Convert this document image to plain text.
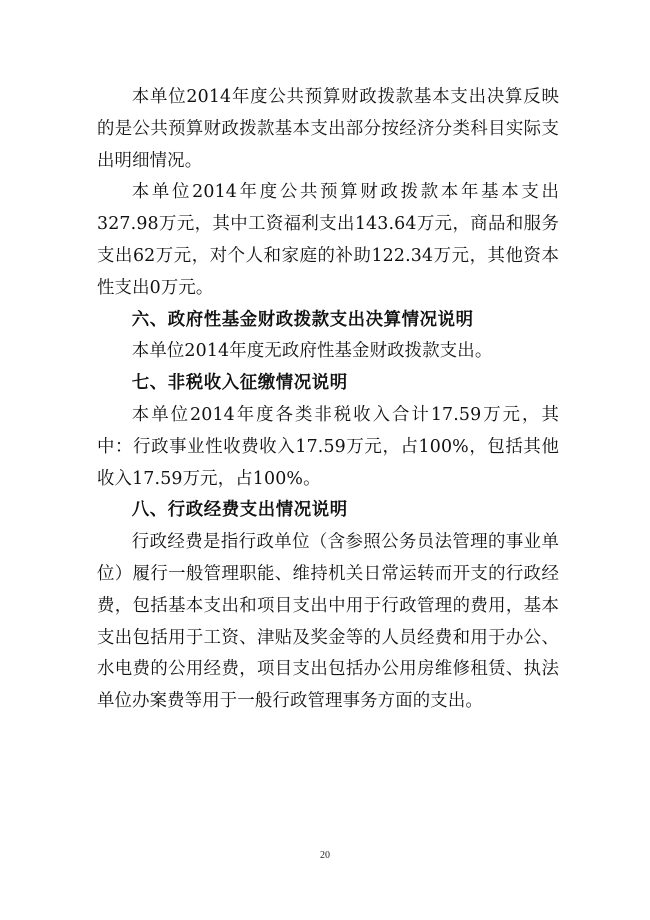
本单位2014年度公共预算财政拨款基本支出决算反映的是公共预算财政拨款基本支出部分按经济分类科目实际支出明细情况。

本单位2014年度公共预算财政拨款本年基本支出327.98万元，其中工资福利支出143.64万元，商品和服务支出62万元，对个人和家庭的补助122.34万元，其他资本性支出0万元。

六、政府性基金财政拨款支出决算情况说明

本单位2014年度无政府性基金财政拨款支出。

七、非税收入征缴情况说明

本单位2014年度各类非税收入合计17.59万元，其中：行政事业性收费收入17.59万元，占100%，包括其他收入17.59万元，占100%。

八、行政经费支出情况说明

行政经费是指行政单位（含参照公务员法管理的事业单位）履行一般管理职能、维持机关日常运转而开支的行政经费，包括基本支出和项目支出中用于行政管理的费用，基本支出包括用于工资、津贴及奖金等的人员经费和用于办公、水电费的公用经费，项目支出包括办公用房维修租赁、执法单位办案费等用于一般行政管理事务方面的支出。

20
